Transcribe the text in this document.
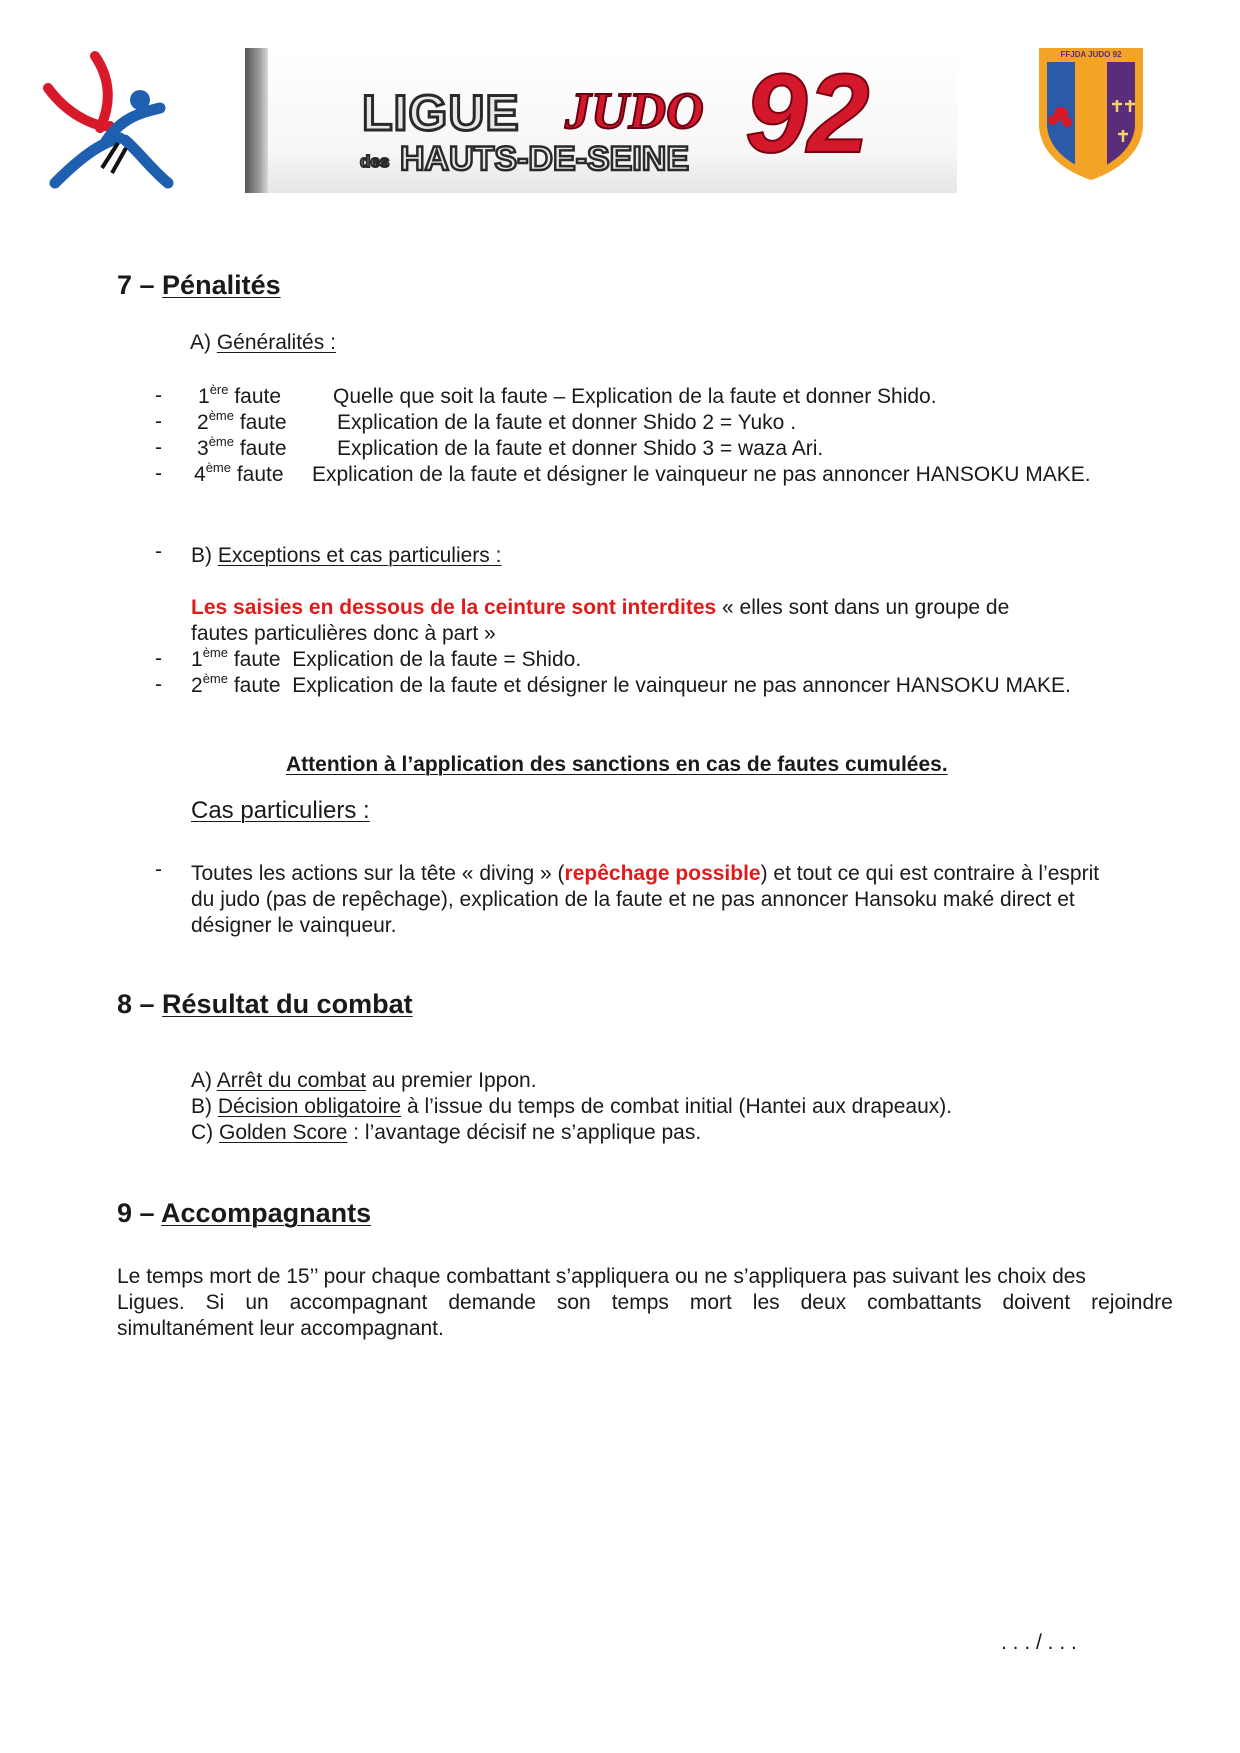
LIGUE JUDO 92
des HAUTS-DE-SEINE
FFJDA JUDO 92
7 – Pénalités
A) Généralités :
- 1ère faute Quelle que soit la faute – Explication de la faute et donner Shido.
- 2ème faute Explication de la faute et donner Shido 2 = Yuko .
- 3ème faute Explication de la faute et donner Shido 3 = waza Ari.
- 4ème faute Explication de la faute et désigner le vainqueur ne pas annoncer HANSOKU MAKE.
- B) Exceptions et cas particuliers :
Les saisies en dessous de la ceinture sont interdites « elles sont dans un groupe de
fautes particulières donc à part »
- 1ème faute Explication de la faute = Shido.
- 2ème faute Explication de la faute et désigner le vainqueur ne pas annoncer HANSOKU MAKE.
Attention à l’application des sanctions en cas de fautes cumulées.
Cas particuliers :
- Toutes les actions sur la tête « diving » (repêchage possible) et tout ce qui est contraire à l’esprit
du judo (pas de repêchage), explication de la faute et ne pas annoncer Hansoku maké direct et
désigner le vainqueur.
8 – Résultat du combat
A) Arrêt du combat au premier Ippon.
B) Décision obligatoire à l’issue du temps de combat initial (Hantei aux drapeaux).
C) Golden Score : l’avantage décisif ne s’applique pas.
9 – Accompagnants
Le temps mort de 15’’ pour chaque combattant s’appliquera ou ne s’appliquera pas suivant les choix des
Ligues. Si un accompagnant demande son temps mort les deux combattants doivent rejoindre
simultanément leur accompagnant.
. . . / . . .
